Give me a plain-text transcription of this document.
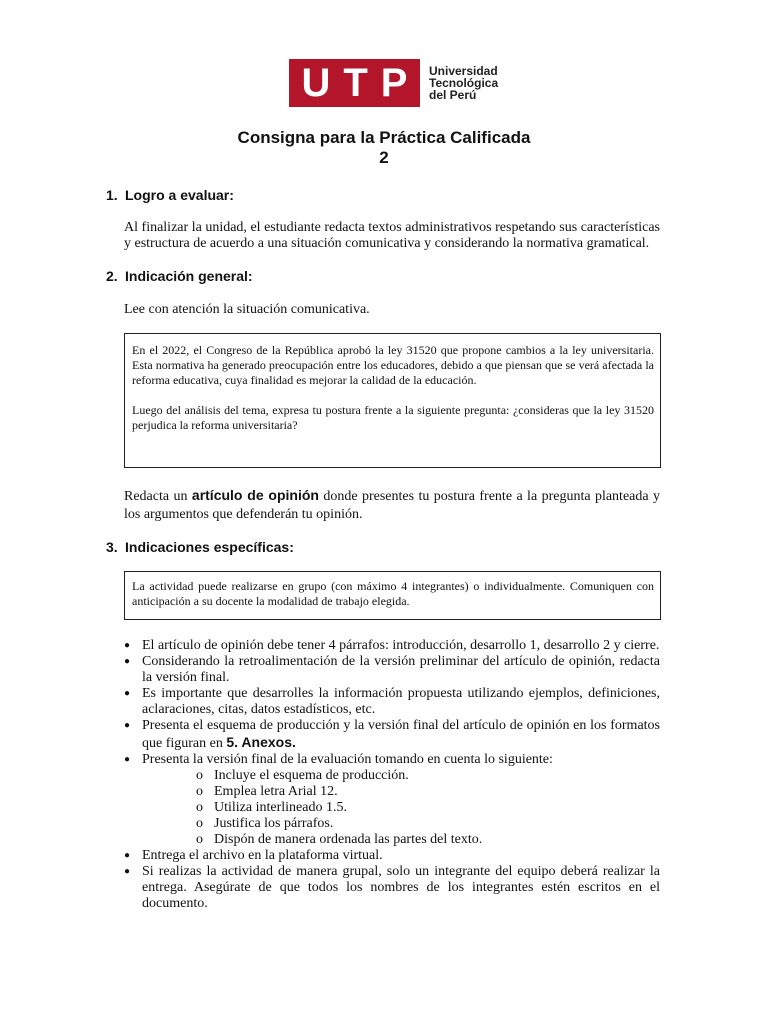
U T P Universidad
Tecnológica
del Perú
Consigna para la Práctica Calificada
2
1. Logro a evaluar:
Al finalizar la unidad, el estudiante redacta textos administrativos respetando sus características y estructura de acuerdo a una situación comunicativa y considerando la normativa gramatical.
2. Indicación general:
Lee con atención la situación comunicativa.

En el 2022, el Congreso de la República aprobó la ley 31520 que propone cambios a la ley universitaria. Esta normativa ha generado preocupación entre los educadores, debido a que piensan que se verá afectada la reforma educativa, cuya finalidad es mejorar la calidad de la educación.

Luego del análisis del tema, expresa tu postura frente a la siguiente pregunta: ¿consideras que la ley 31520 perjudica la reforma universitaria?

Redacta un artículo de opinión donde presentes tu postura frente a la pregunta planteada y los argumentos que defenderán tu opinión.
3. Indicaciones específicas:

La actividad puede realizarse en grupo (con máximo 4 integrantes) o individualmente. Comuniquen con anticipación a su docente la modalidad de trabajo elegida.

● El artículo de opinión debe tener 4 párrafos: introducción, desarrollo 1, desarrollo 2 y cierre.
● Considerando la retroalimentación de la versión preliminar del artículo de opinión, redacta la versión final.
● Es importante que desarrolles la información propuesta utilizando ejemplos, definiciones, aclaraciones, citas, datos estadísticos, etc.
● Presenta el esquema de producción y la versión final del artículo de opinión en los formatos que figuran en 5. Anexos.
● Presenta la versión final de la evaluación tomando en cuenta lo siguiente:
o Incluye el esquema de producción.
o Emplea letra Arial 12.
o Utiliza interlineado 1.5.
o Justifica los párrafos.
o Dispón de manera ordenada las partes del texto.
● Entrega el archivo en la plataforma virtual.
● Si realizas la actividad de manera grupal, solo un integrante del equipo deberá realizar la entrega. Asegúrate de que todos los nombres de los integrantes estén escritos en el documento.
